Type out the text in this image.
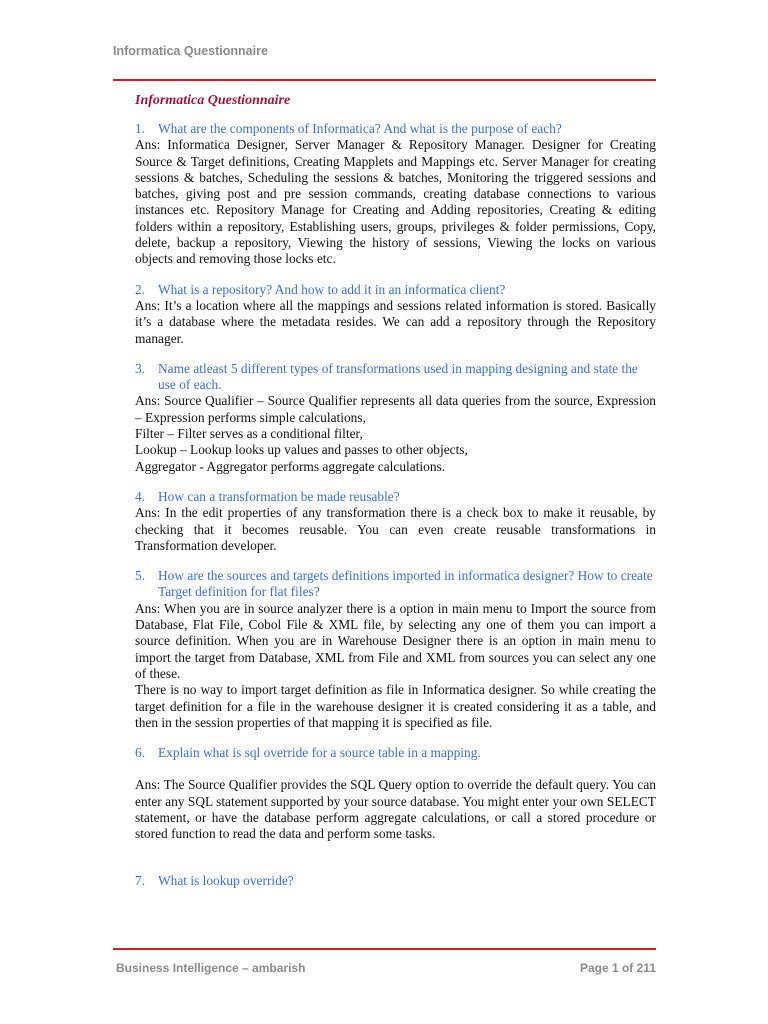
Informatica Questionnaire
Informatica Questionnaire
1. What are the components of Informatica? And what is the purpose of each?

Ans: Informatica Designer, Server Manager & Repository Manager. Designer for Creating Source & Target definitions, Creating Mapplets and Mappings etc. Server Manager for creating sessions & batches, Scheduling the sessions & batches, Monitoring the triggered sessions and batches, giving post and pre session commands, creating database connections to various instances etc. Repository Manage for Creating and Adding repositories, Creating & editing folders within a repository, Establishing users, groups, privileges & folder permissions, Copy, delete, backup a repository, Viewing the history of sessions, Viewing the locks on various objects and removing those locks etc.

2. What is a repository? And how to add it in an informatica client?

Ans: It’s a location where all the mappings and sessions related information is stored. Basically it’s a database where the metadata resides. We can add a repository through the Repository manager.

3. Name atleast 5 different types of transformations used in mapping designing and state the use of each.

Ans: Source Qualifier – Source Qualifier represents all data queries from the source, Expression – Expression performs simple calculations,

Filter – Filter serves as a conditional filter,

Lookup – Lookup looks up values and passes to other objects,

Aggregator - Aggregator performs aggregate calculations.

4. How can a transformation be made reusable?

Ans: In the edit properties of any transformation there is a check box to make it reusable, by checking that it becomes reusable. You can even create reusable transformations in Transformation developer.

5. How are the sources and targets definitions imported in informatica designer? How to create Target definition for flat files?

Ans: When you are in source analyzer there is a option in main menu to Import the source from Database, Flat File, Cobol File & XML file, by selecting any one of them you can import a source definition. When you are in Warehouse Designer there is an option in main menu to import the target from Database, XML from File and XML from sources you can select any one of these.

There is no way to import target definition as file in Informatica designer. So while creating the target definition for a file in the warehouse designer it is created considering it as a table, and then in the session properties of that mapping it is specified as file.

6. Explain what is sql override for a source table in a mapping.

Ans: The Source Qualifier provides the SQL Query option to override the default query. You can enter any SQL statement supported by your source database. You might enter your own SELECT statement, or have the database perform aggregate calculations, or call a stored procedure or stored function to read the data and perform some tasks.

7. What is lookup override?
Business Intelligence – ambarish	Page 1 of 211
